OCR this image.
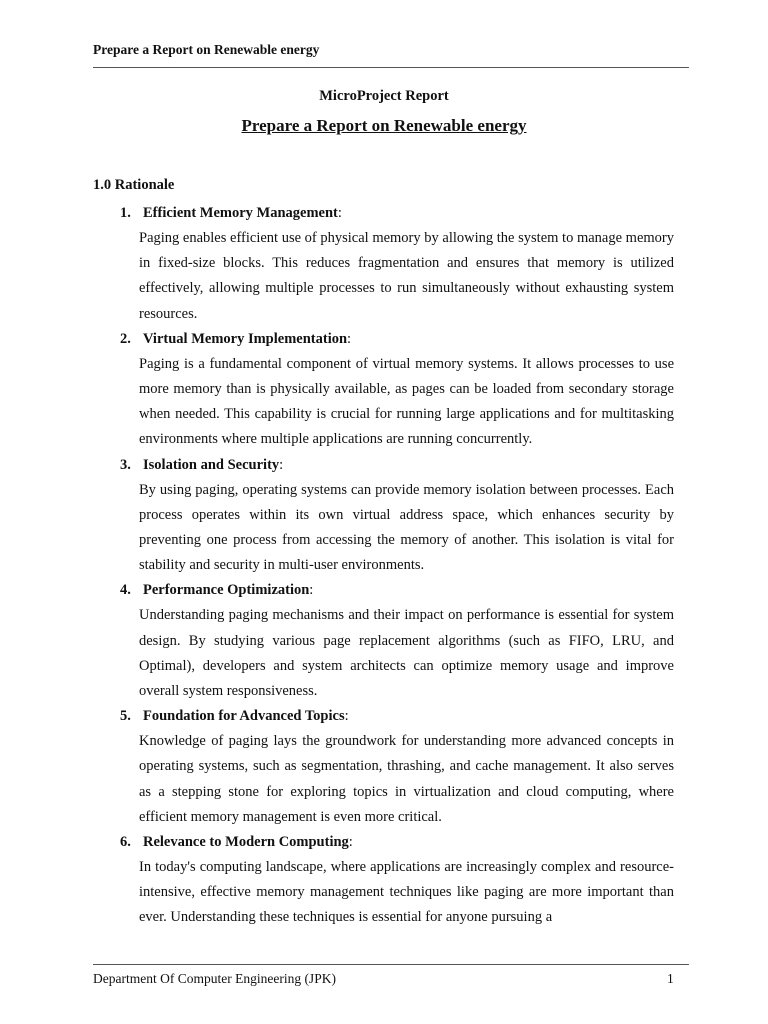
Prepare a Report on Renewable energy
MicroProject Report
Prepare a Report on Renewable energy
1.0 Rationale
1. Efficient Memory Management:
Paging enables efficient use of physical memory by allowing the system to manage memory in fixed-size blocks. This reduces fragmentation and ensures that memory is utilized effectively, allowing multiple processes to run simultaneously without exhausting system resources.
2. Virtual Memory Implementation:
Paging is a fundamental component of virtual memory systems. It allows processes to use more memory than is physically available, as pages can be loaded from secondary storage when needed. This capability is crucial for running large applications and for multitasking environments where multiple applications are running concurrently.
3. Isolation and Security:
By using paging, operating systems can provide memory isolation between processes. Each process operates within its own virtual address space, which enhances security by preventing one process from accessing the memory of another. This isolation is vital for stability and security in multi-user environments.
4. Performance Optimization:
Understanding paging mechanisms and their impact on performance is essential for system design. By studying various page replacement algorithms (such as FIFO, LRU, and Optimal), developers and system architects can optimize memory usage and improve overall system responsiveness.
5. Foundation for Advanced Topics:
Knowledge of paging lays the groundwork for understanding more advanced concepts in operating systems, such as segmentation, thrashing, and cache management. It also serves as a stepping stone for exploring topics in virtualization and cloud computing, where efficient memory management is even more critical.
6. Relevance to Modern Computing:
In today's computing landscape, where applications are increasingly complex and resource-intensive, effective memory management techniques like paging are more important than ever. Understanding these techniques is essential for anyone pursuing a
Department Of Computer Engineering (JPK)	1
